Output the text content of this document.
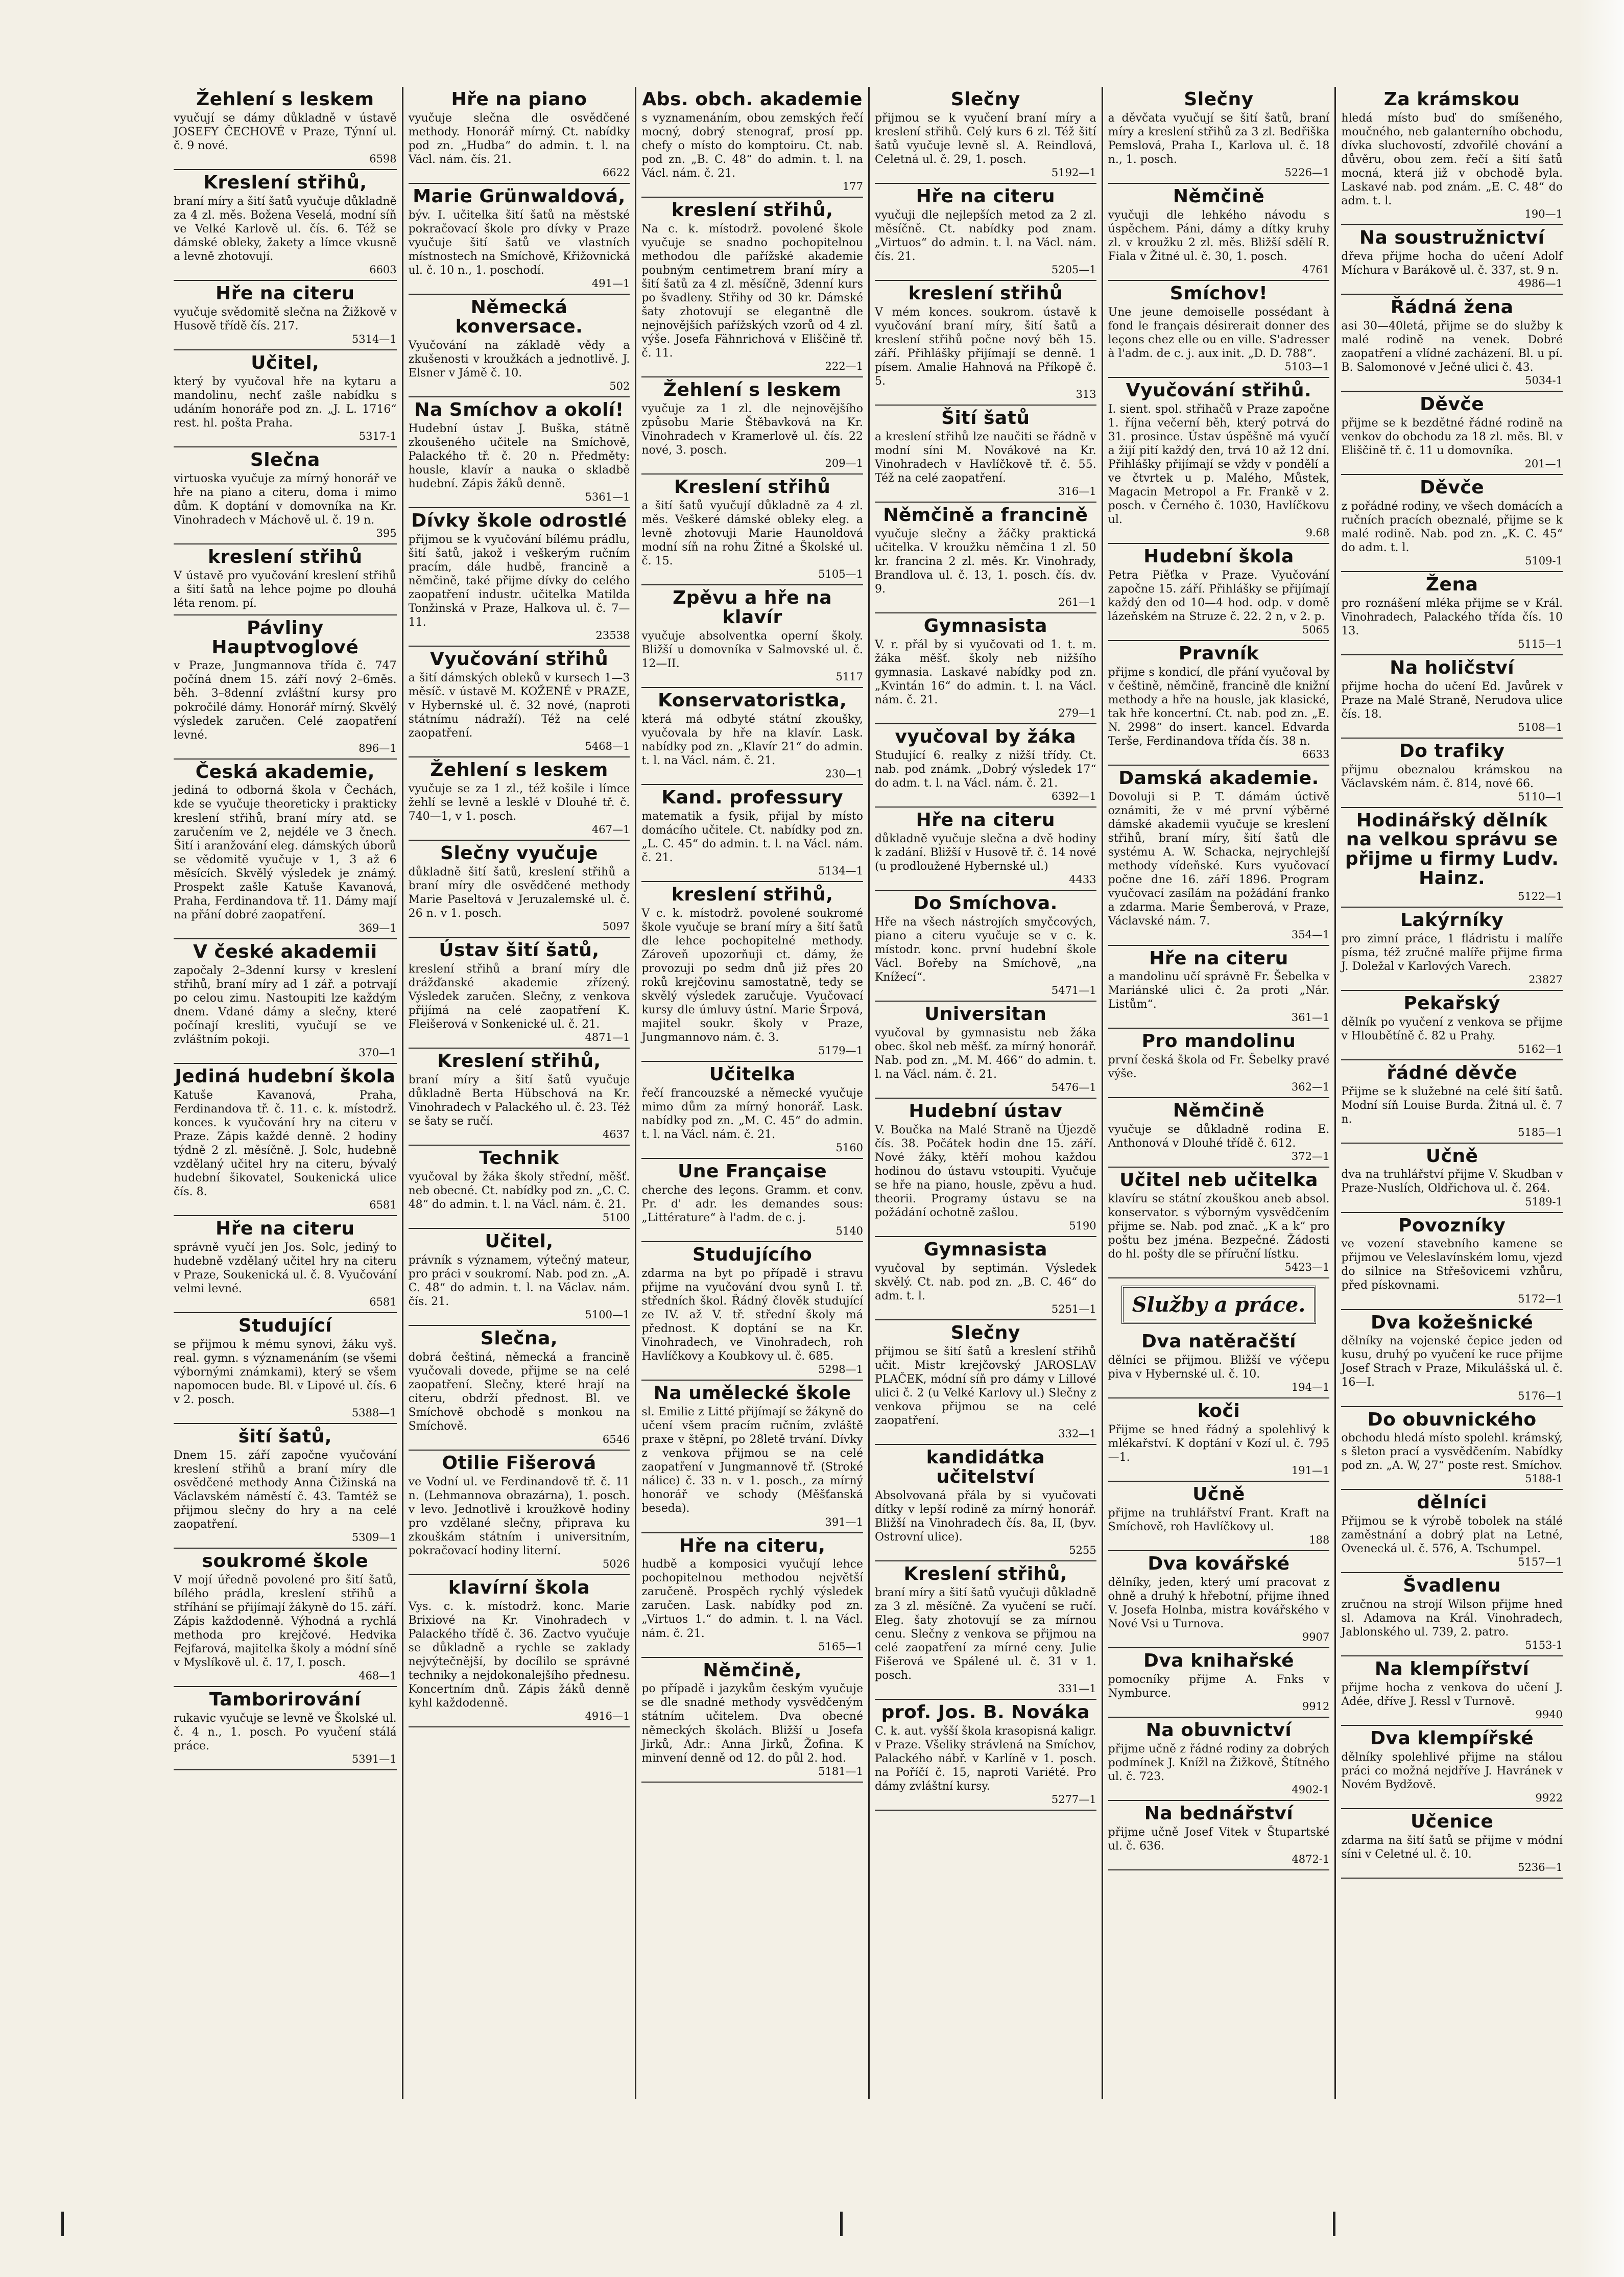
Žehlení s leskem

vyučují se dámy důkladně v ústavě JOSEFY ČECHOVÉ v Praze, Týnní ul. č. 9 nové.

6598
Kreslení střihů,

braní míry a šití šatů vyučuje důkladně za 4 zl. měs. Božena Veselá, modní síň ve Velké Karlově ul. čís. 6. Též se dámské obleky, žakety a límce vkusně a levně zhotovují.

6603
Hře na citeru

vyučuje svědomitě slečna na Žižkově v Husově třídě čís. 217.

5314—1
Učitel,

který by vyučoval hře na kytaru a mandolinu, nechť zašle nabídku s udáním honoráře pod zn. „J. L. 1716“ rest. hl. pošta Praha.

5317-1
Slečna

virtuoska vyučuje za mírný honorář ve hře na piano a citeru, doma i mimo dům. K doptání v domovníka na Kr. Vinohradech v Máchově ul. č. 19 n.

395
kreslení střihů

V ústavě pro vyučování kreslení střihů a šití šatů na lehce pojme po dlouhá léta renom. pí.

Pávliny Hauptvoglové

v Praze, Jungmannova třída č. 747 počíná dnem 15. září nový 2–6měs. běh. 3–8denní zvláštní kursy pro pokročilé dámy. Honorář mírný. Skvělý výsledek zaručen. Celé zaopatření levné.

896—1
Česká akademie,

jediná to odborná škola v Čechách, kde se vyučuje theoreticky i prakticky kreslení střihů, braní míry atd. se zaručením ve 2, nejdéle ve 3 čnech. Šití i aranžování eleg. dámských úborů se vědomitě vyučuje v 1, 3 až 6 měsících. Skvělý výsledek je známý. Prospekt zašle Katuše Kavanová, Praha, Ferdinandova tř. 11. Dámy mají na přání dobré zaopatření.

369—1
V české akademii

započaly 2–3denní kursy v kreslení střihů, braní míry ad 1 zář. a potrvají po celou zimu. Nastoupiti lze každým dnem. Vdané dámy a slečny, které počínají kresliti, vyučují se ve zvláštním pokoji.

370—1
Jediná hudební škola

Katuše Kavanová, Praha, Ferdinandova tř. č. 11. c. k. místodrž. konces. k vyučování hry na citeru v Praze. Zápis každé denně. 2 hodiny týdně 2 zl. měsíčně. J. Solc, hudebně vzdělaný učitel hry na citeru, bývalý hudební šikovatel, Soukenická ulice čís. 8.

6581
Hře na citeru

správně vyučí jen Jos. Solc, jediný to hudebně vzdělaný učitel hry na citeru v Praze, Soukenická ul. č. 8. Vyučování velmi levné.

6581
Studující

se přijmou k mému synovi, žáku vyš. real. gymn. s významenáním (se všemi výbornými známkami), který se všem napomocen bude. Bl. v Lipové ul. čís. 6 v 2. posch.

5388—1
šití šatů,

Dnem 15. září započne vyučování kreslení střihů a braní míry dle osvědčené methody Anna Čižinská na Václavském náměstí č. 43. Tamtéž se přijmou slečny do hry a na celé zaopatření.

5309—1
soukromé škole

V mojí úředně povolené pro šití šatů, bílého prádla, kreslení střihů a stříhání se přijímají žákyně do 15. září. Zápis každodenně. Výhodná a rychlá methoda pro krejčové. Hedvika Fejfarová, majitelka školy a módní síně v Myslíkově ul. č. 17, I. posch.

468—1
Tamborirování

rukavic vyučuje se levně ve Školské ul. č. 4 n., 1. posch. Po vyučení stálá práce.

5391—1
Hře na piano

vyučuje slečna dle osvědčené methody. Honorář mírný. Ct. nabídky pod zn. „Hudba“ do admin. t. l. na Václ. nám. čís. 21.

6622
Marie Grünwaldová,

býv. I. učitelka šití šatů na městské pokračovací škole pro dívky v Praze vyučuje šití šatů ve vlastních místnostech na Smíchově, Křižovnická ul. č. 10 n., 1. poschodí.

491—1
Německá konversace.

Vyučování na základě vědy a zkušenosti v kroužkách a jednotlivě. J. Elsner v Jámě č. 10.

502
Na Smíchov a okolí!

Hudební ústav J. Buška, státně zkoušeného učitele na Smíchově, Palackého tř. č. 20 n. Předměty: housle, klavír a nauka o skladbě hudební. Zápis žáků denně.

5361—1
Dívky škole odrostlé

přijmou se k vyučování bílému prádlu, šití šatů, jakož i veškerým ručním pracím, dále hudbě, francině a němčině, také přijme dívky do celého zaopatření industr. učitelka Matilda Tonžinská v Praze, Halkova ul. č. 7—11.

23538
Vyučování střihů

a šití dámských obleků v kursech 1—3 měsíč. v ústavě M. KOŽENÉ v PRAZE, v Hybernské ul. č. 32 nové, (naproti státnímu nádraží). Též na celé zaopatření.

5468—1
Žehlení s leskem

vyučuje se za 1 zl., též košile i límce žehlí se levně a lesklé v Dlouhé tř. č. 740—1, v 1. posch.

467—1
Slečny vyučuje

důkladně šití šatů, kreslení střihů a braní míry dle osvědčené methody Marie Paseltová v Jeruzalemské ul. č. 26 n. v 1. posch.

5097
Ústav šití šatů,

kreslení střihů a braní míry dle drážďanské akademie zřízený. Výsledek zaručen. Slečny, z venkova přijímá na celé zaopatření K. Fleišerová v Sonkenické ul. č. 21.

4871—1
Kreslení střihů,

braní míry a šití šatů vyučuje důkladně Berta Hübschová na Kr. Vinohradech v Palackého ul. č. 23. Též se šaty se ručí.

4637
Technik

vyučoval by žáka školy střední, měšť. neb obecné. Ct. nabídky pod zn. „C. C. 48“ do admin. t. l. na Václ. nám. č. 21.

5100
Učitel,

právník s významem, výtečný mateur, pro práci v soukromí. Nab. pod zn. „A. C. 48“ do admin. t. l. na Václav. nám. čís. 21.

5100—1
Slečna,

dobrá češtiná, německá a francině vyučovali dovede, přijme se na celé zaopatření. Slečny, které hrají na citeru, obdrží přednost. Bl. ve Smíchově obchodě s monkou na Smíchově.

6546
Otilie Fišerová

ve Vodní ul. ve Ferdinandově tř. č. 11 n. (Lehmannova obrazárna), 1. posch. v levo. Jednotlivě i kroužkově hodiny pro vzdělané slečny, připrava ku zkouškám státním i universitním, pokračovací hodiny literní.

5026
klavírní škola

Vys. c. k. místodrž. konc. Marie Brixiové na Kr. Vinohradech v Palackého třídě č. 36. Zactvo vyučuje se důkladně a rychle se zaklady nejvýtečnější, by docílilo se správné techniky a nejdokonalejšího přednesu. Koncertním dnů. Zápis žáků denně kyhl každodenně.

4916—1
Abs. obch. akademie

s vyznamenáním, obou zemských řečí mocný, dobrý stenograf, prosí pp. chefy o místo do komptoiru. Ct. nab. pod zn. „B. C. 48“ do admin. t. l. na Václ. nám. č. 21.

177
kreslení střihů,

Na c. k. místodrž. povolené škole vyučuje se snadno pochopitelnou methodou dle pařížské akademie poubným centimetrem braní míry a šití šatů za 4 zl. měsíčně, 3denní kurs po švadleny. Střihy od 30 kr. Dámské šaty zhotovují se elegantně dle nejnovějších pařížských vzorů od 4 zl. výše. Josefa Fähnrichová v Eliščině tř. č. 11.

222—1
Žehlení s leskem

vyučuje za 1 zl. dle nejnovějšího způsobu Marie Štěbavková na Kr. Vinohradech v Kramerlově ul. čís. 22 nové, 3. posch.

209—1
Kreslení střihů

a šití šatů vyučují důkladně za 4 zl. měs. Veškeré dámské obleky eleg. a levně zhotovuji Marie Haunoldová modní síň na rohu Žitné a Školské ul. č. 15.

5105—1
Zpěvu a hře na klavír

vyučuje absolventka operní školy. Bližší u domovníka v Salmovské ul. č. 12—II.

5117
Konservatoristka,

která má odbyté státní zkoušky, vyučovala by hře na klavír. Lask. nabídky pod zn. „Klavír 21“ do admin. t. l. na Václ. nám. č. 21.

230—1
Kand. professury

matematik a fysik, přijal by místo domácího učitele. Ct. nabídky pod zn. „L. C. 45“ do admin. t. l. na Václ. nám. č. 21.

5134—1
kreslení střihů,

V c. k. místodrž. povolené soukromé škole vyučuje se braní míry a šití šatů dle lehce pochopitelné methody. Zároveň upozorňuji ct. dámy, že provozuji po sedm dnů již přes 20 roků krejčovinu samostatně, tedy se skvělý výsledek zaručuje. Vyučovací kursy dle úmluvy ústní. Marie Šrpová, majitel soukr. školy v Praze, Jungmannovo nám. č. 3.

5179—1
Učitelka

řečí francouzské a německé vyučuje mimo dům za mírný honorář. Lask. nabídky pod zn. „M. C. 45“ do admin. t. l. na Václ. nám. č. 21.

5160
Une Française

cherche des leçons. Gramm. et conv. Pr. d' adr. les demandes sous: „Littérature“ à l'adm. de c. j.

5140
Studujícího

zdarma na byt po případě i stravu přijme na vyučování dvou synů I. tř. středních škol. Řádný člověk studující ze IV. až V. tř. střední školy má přednost. K doptání se na Kr. Vinohradech, ve Vinohradech, roh Havlíčkovy a Koubkovy ul. č. 685.

5298—1
Na umělecké škole

sl. Emilie z Litté přijímají se žákyně do učení všem pracím ručním, zvláště praxe v štěpní, po 28letě trvání. Dívky z venkova přijmou se na celé zaopatření v Jungmannově tř. (Stroké nálice) č. 33 n. v 1. posch., za mírný honorář ve schody (Měšťanská beseda).

391—1
Hře na citeru,

hudbě a komposici vyučují lehce pochopitelnou methodou největší zaručeně. Prospěch rychlý výsledek zaručen. Lask. nabídky pod zn. „Virtuos 1.“ do admin. t. l. na Václ. nám. č. 21.

5165—1
Němčině,

po případě i jazykům českým vyučuje se dle snadné methody vysvědčeným státním učitelem. Dva obecné německých školách. Bližší u Josefa Jirků, Adr.: Anna Jirků, Žofina. K minvení denně od 12. do půl 2. hod.

5181—1
Slečny

přijmou se k vyučení braní míry a kreslení střihů. Celý kurs 6 zl. Též šití šatů vyučuje levně sl. A. Reindlová, Celetná ul. č. 29, 1. posch.

5192—1
Hře na citeru

vyučuji dle nejlepších metod za 2 zl. měsíčně. Ct. nabídky pod znam. „Virtuos“ do admin. t. l. na Václ. nám. čís. 21.

5205—1
kreslení střihů

V mém konces. soukrom. ústavě k vyučování braní míry, šití šatů a kreslení střihů počne nový běh 15. září. Přihlášky přijímají se denně. 1 písem. Amalie Hahnová na Příkopě č. 5.

313
Šití šatů

a kreslení střihů lze naučiti se řádně v modní síni M. Novákové na Kr. Vinohradech v Havlíčkově tř. č. 55. Též na celé zaopatření.

316—1
Němčině a francině

vyučuje slečny a žáčky praktická učitelka. V kroužku němčina 1 zl. 50 kr. francina 2 zl. měs. Kr. Vinohrady, Brandlova ul. č. 13, 1. posch. čís. dv. 9.

261—1
Gymnasista

V. r. přál by si vyučovati od 1. t. m. žáka měšť. školy neb nižšího gymnasia. Laskavé nabídky pod zn. „Kvintán 16“ do admin. t. l. na Václ. nám. č. 21.

279—1
vyučoval by žáka

Studující 6. realky z nižší třídy. Ct. nab. pod známk. „Dobrý výsledek 17“ do adm. t. l. na Václ. nám. č. 21.

6392—1
Hře na citeru

důkladně vyučuje slečna a dvě hodiny k zadání. Bližší v Husově tř. č. 14 nové (u prodloužené Hybernské ul.)

4433
Do Smíchova.

Hře na všech nástrojích smyčcových, piano a citeru vyučuje se v c. k. místodr. konc. první hudební škole Václ. Bořeby na Smíchově, „na Knížecí“.

5471—1
Universitan

vyučoval by gymnasistu neb žáka obec. škol neb měšť. za mírný honorář. Nab. pod zn. „M. M. 466“ do admin. t. l. na Václ. nám. č. 21.

5476—1
Hudební ústav

V. Boučka na Malé Straně na Újezdě čís. 38. Počátek hodin dne 15. září. Nové žáky, ktěří mohou každou hodinou do ústavu vstoupiti. Vyučuje se hře na piano, housle, zpěvu a hud. theorii. Programy ústavu se na požádání ochotně zašlou.

5190
Gymnasista

vyučoval by septimán. Výsledek skvělý. Ct. nab. pod zn. „B. C. 46“ do adm. t. l.

5251—1
Slečny

přijmou se šití šatů a kreslení střihů učit. Mistr krejčovský JAROSLAV PLAČEK, módní síň pro dámy v Lillové ulici č. 2 (u Velké Karlovy ul.) Slečny z venkova přijmou se na celé zaopatření.

332—1
kandidátka učitelství

Absolvovaná přála by si vyučovati dítky v lepší rodině za mírný honorář. Bližší na Vinohradech čís. 8a, II, (byv. Ostrovní ulice).

5255
Kreslení střihů,

braní míry a šití šatů vyučuji důkladně za 3 zl. měsíčně. Za vyučení se ručí. Eleg. šaty zhotovují se za mírnou cenu. Slečny z venkova se přijmou na celé zaopatření za mírné ceny. Julie Fišerová ve Spálené ul. č. 31 v 1. posch.

331—1
prof. Jos. B. Nováka

C. k. aut. vyšší škola krasopisná kaligr. v Praze. Všeliky strávlená na Smíchov, Palackého nábř. v Karlíně v 1. posch. na Poříčí č. 15, naproti Variété. Pro dámy zvláštní kursy.

5277—1
Slečny

a děvčata vyučují se šití šatů, braní míry a kreslení střihů za 3 zl. Bedřiška Pemslová, Praha I., Karlova ul. č. 18 n., 1. posch.

5226—1
Němčině

vyučuji dle lehkého návodu s úspěchem. Páni, dámy a dítky kruhy zl. v kroužku 2 zl. měs. Bližší sdělí R. Fiala v Žitné ul. č. 30, 1. posch.

4761
Smíchov!

Une jeune demoiselle possédant à fond le français désirerait donner des leçons chez elle ou en ville. S'adresser à l'adm. de c. j. aux init. „D. D. 788“.

5103—1
Vyučování střihů.

I. sient. spol. střihačů v Praze započne 1. října večerní běh, který potrvá do 31. prosince. Ústav úspěšně má vyučí a žijí pití každý den, trvá 10 až 12 dní. Přihlášky přijímají se vždy v pondělí a ve čtvrtek u p. Malého, Můstek, Magacin Metropol a Fr. Frankě v 2. posch. v Černého č. 1030, Havlíčkovu ul.

9.68
Hudební škola

Petra Piěťka v Praze. Vyučování započne 15. září. Přihlášky se přijímají každý den od 10—4 hod. odp. v domě lázeňském na Struze č. 22. 2 n, v 2. p.

5065
Pravník

přijme s kondicí, dle přání vyučoval by v češtině, němčině, francině dle knižní methody a hře na housle, jak klasické, tak hře koncertní. Ct. nab. pod zn. „E. N. 2998“ do insert. kancel. Edvarda Terše, Ferdinandova třída čís. 38 n.

6633
Damská akademie.

Dovoluji si P. T. dámám úctivě oznámiti, že v mé první výběrné dámské akademii vyučuje se kreslení střihů, braní míry, šití šatů dle systému A. W. Schacka, nejrychlejší methody vídeňské. Kurs vyučovací počne dne 16. září 1896. Program vyučovací zasílám na požádání franko a zdarma. Marie Šemberová, v Praze, Václavské nám. 7.

354—1
Hře na citeru

a mandolinu učí správně Fr. Šebelka v Mariánské ulici č. 2a proti „Nár. Listům“.

361—1
Pro mandolinu

první česká škola od Fr. Šebelky pravé výše.

362—1
Němčině

vyučuje se důkladně rodina E. Anthonová v Dlouhé třídě č. 612.

372—1
Učitel neb učitelka

klavíru se státní zkouškou aneb absol. konservator. s výborným vysvědčením přijme se. Nab. pod znač. „K a k“ pro poštu bez jména. Bezpečné. Žádosti do hl. pošty dle se příruční lístku.

5423—1
Služby a práce.
Dva natěračští

dělníci se přijmou. Bližší ve výčepu piva v Hybernské ul. č. 10.

194—1
koči

Přijme se hned řádný a spolehlivý k mlékařství. K doptání v Kozí ul. č. 795—1.

191—1
Učně

přijme na truhlářství Frant. Kraft na Smíchově, roh Havlíčkovy ul.

188
Dva kovářské

dělníky, jeden, který umí pracovat z ohně a druhý k hřebotní, přijme ihned V. Josefa Holnba, mistra kovářského v Nové Vsi u Turnova.

9907
Dva knihařské

pomocníky přijme A. Fnks v Nymburce.

9912
Na obuvnictví

přijme učně z řádné rodiny za dobrých podmínek J. Knížl na Žižkově, Štítného ul. č. 723.

4902-1
Na bednářství

přijme učně Josef Vitek v Štupartské ul. č. 636.

4872-1
Za krámskou

hledá místo buď do smíšeného, moučného, neb galanterního obchodu, dívka sluchovostí, zdvořilé chování a důvěru, obou zem. řečí a šití šatů mocná, která již v obchodě byla. Laskavé nab. pod znám. „E. C. 48“ do adm. t. l.

190—1
Na soustružnictví

dřeva přijme hocha do učení Adolf Míchura v Barákově ul. č. 337, st. 9 n.

4986—1
Řádná žena

asi 30—40letá, přijme se do služby k malé rodině na venek. Dobré zaopatření a vlídné zacházení. Bl. u pí. B. Salomonové v Ječné ulici č. 43.

5034-1
Děvče

přijme se k bezdětné řádné rodině na venkov do obchodu za 18 zl. měs. Bl. v Eliščině tř. č. 11 u domovníka.

201—1
Děvče

z pořádné rodiny, ve všech domácích a ručních pracích obeznalé, přijme se k malé rodině. Nab. pod zn. „K. C. 45“ do adm. t. l.

5109-1
Žena

pro roznášení mléka přijme se v Král. Vinohradech, Palackého třída čís. 10 13.

5115—1
Na holičství

přijme hocha do učení Ed. Javůrek v Praze na Malé Straně, Nerudova ulice čís. 18.

5108—1
Do trafiky

přijmu obeznalou krámskou na Václavském nám. č. 814, nové 66.

5110—1
Hodinářský dělník na velkou správu se přijme u firmy Ludv. Hainz.

5122—1
Lakýrníky

pro zimní práce, 1 fládristu i malíře písma, též zručné malíře přijme firma J. Doležal v Karlových Varech.

23827
Pekařský

dělník po vyučení z venkova se přijme v Hloubětíně č. 82 u Prahy.

5162—1
řádné děvče

Přijme se k služebné na celé šití šatů. Modní síň Louise Burda. Žitná ul. č. 7 n.

5185—1
Učně

dva na truhlářství přijme V. Skudban v Praze-Nuslích, Oldřichova ul. č. 264.

5189-1
Povozníky

ve vození stavebního kamene se přijmou ve Veleslavínském lomu, vjezd do silnice na Střešovicemi vzhůru, před pískovnami.

5172—1
Dva kožešnické

dělníky na vojenské čepice jeden od kusu, druhý po vyučení ke ruce přijme Josef Strach v Praze, Mikulášská ul. č. 16—I.

5176—1
Do obuvnického

obchodu hledá místo spolehl. krámský, s šleton prací a vysvědčením. Nabídky pod zn. „A. W, 27“ poste rest. Smíchov.

5188-1
dělníci

Přijmou se k výrobě tobolek na stálé zaměstnání a dobrý plat na Letné, Ovenecká ul. č. 576, A. Tschumpel.

5157—1
Švadlenu

zručnou na strojí Wilson přijme hned sl. Adamova na Král. Vinohradech, Jablonského ul. 739, 2. patro.

5153-1
Na klempířství

přijme hocha z venkova do učení J. Adée, dříve J. Ressl v Turnově.

9940
Dva klempířské

dělníky spolehlivé přijme na stálou práci co možná nejdříve J. Havránek v Novém Bydžově.

9922
Učenice

zdarma na šití šatů se přijme v módní síni v Celetné ul. č. 10.

5236—1
